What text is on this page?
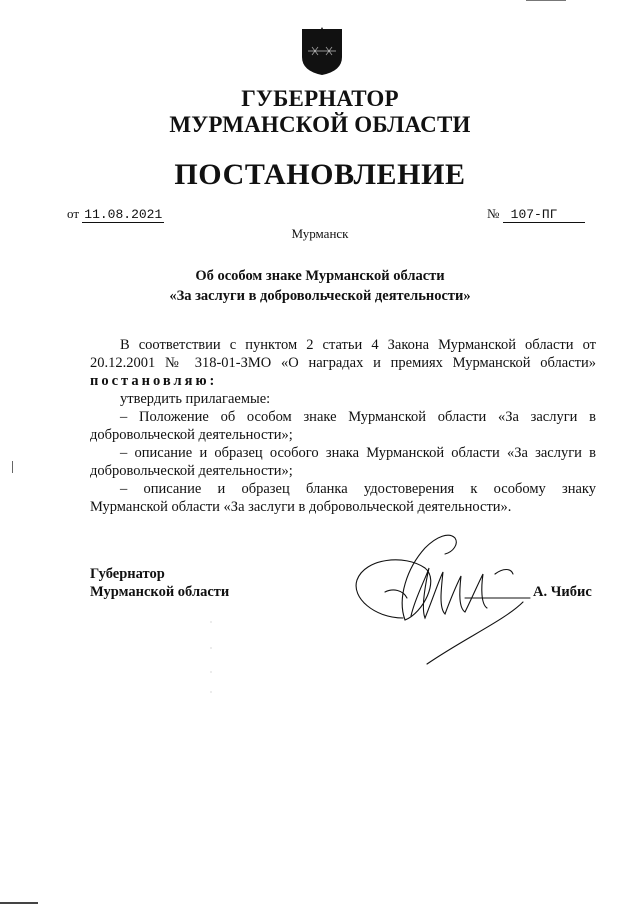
ГУБЕРНАТОР
МУРМАНСКОЙ ОБЛАСТИ
ПОСТАНОВЛЕНИЕ
от 11.08.2021	№ 107-ПГ
Мурманск
Об особом знаке Мурманской области
«За заслуги в добровольческой деятельности»

В соответствии с пунктом 2 статьи 4 Закона Мурманской области от

20.12.2001 № 318-01-ЗМО «О наградах и премиях Мурманской области»

постановляю:

утвердить прилагаемые:

– Положение об особом знаке Мурманской области «За заслуги в

добровольческой деятельности»;

– описание и образец особого знака Мурманской области «За заслуги в

добровольческой деятельности»;

– описание и образец бланка удостоверения к особому знаку

Мурманской области «За заслуги в добровольческой деятельности».

Губернатор
Мурманской области	А. Чибис
